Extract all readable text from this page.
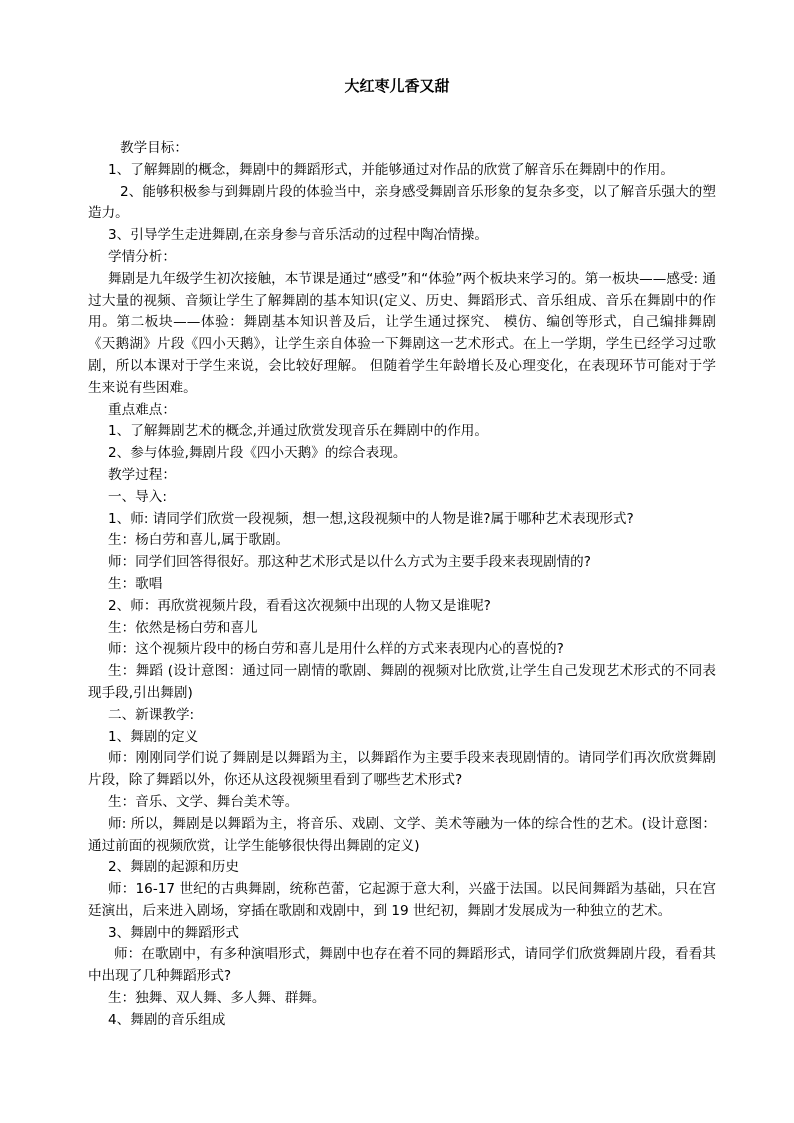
大红枣儿香又甜

教学目标：

1、了解舞剧的概念，舞剧中的舞蹈形式，并能够通过对作品的欣赏了解音乐在舞剧中的作用。

2、能够积极参与到舞剧片段的体验当中，亲身感受舞剧音乐形象的复杂多变，以了解音乐强大的塑造力。

3、引导学生走进舞剧,在亲身参与音乐活动的过程中陶冶情操。

学情分析：

舞剧是九年级学生初次接触，本节课是通过“感受”和“体验”两个板块来学习的。第一板块——感受: 通过大量的视频、音频让学生了解舞剧的基本知识(定义、历史、舞蹈形式、音乐组成、音乐在舞剧中的作用。第二板块——体验：舞剧基本知识普及后，让学生通过探究、 模仿、编创等形式，自己编排舞剧《天鹅湖》片段《四小天鹅》，让学生亲自体验一下舞剧这一艺术形式。在上一学期，学生已经学习过歌剧，所以本课对于学生来说，会比较好理解。 但随着学生年龄增长及心理变化，在表现环节可能对于学生来说有些困难。

重点难点：

1、了解舞剧艺术的概念,并通过欣赏发现音乐在舞剧中的作用。

2、参与体验,舞剧片段《四小天鹅》的综合表现。

教学过程：

一、导入:

1、师: 请同学们欣赏一段视频，想一想,这段视频中的人物是谁?属于哪种艺术表现形式?

生：杨白劳和喜儿,属于歌剧。

师：同学们回答得很好。那这种艺术形式是以什么方式为主要手段来表现剧情的?

生：歌唱

2、师：再欣赏视频片段，看看这次视频中出现的人物又是谁呢?

生：依然是杨白劳和喜儿

师：这个视频片段中的杨白劳和喜儿是用什么样的方式来表现内心的喜悦的?

生：舞蹈 (设计意图：通过同一剧情的歌剧、舞剧的视频对比欣赏,让学生自己发现艺术形式的不同表 现手段,引出舞剧)

二、新课教学:

1、舞剧的定义

师：刚刚同学们说了舞剧是以舞蹈为主，以舞蹈作为主要手段来表现剧情的。请同学们再次欣赏舞剧片段，除了舞蹈以外，你还从这段视频里看到了哪些艺术形式?

生：音乐、文学、舞台美术等。

师: 所以，舞剧是以舞蹈为主，将音乐、戏剧、文学、美术等融为一体的综合性的艺术。(设计意图：通过前面的视频欣赏，让学生能够很快得出舞剧的定义)

2、舞剧的起源和历史

师：16-17 世纪的古典舞剧，统称芭蕾，它起源于意大利，兴盛于法国。以民间舞蹈为基础，只在宫廷演出，后来进入剧场，穿插在歌剧和戏剧中，到 19 世纪初，舞剧才发展成为一种独立的艺术。

3、舞剧中的舞蹈形式

师：在歌剧中，有多种演唱形式，舞剧中也存在着不同的舞蹈形式，请同学们欣赏舞剧片段，看看其中出现了几种舞蹈形式?

生：独舞、双人舞、多人舞、群舞。

4、舞剧的音乐组成
